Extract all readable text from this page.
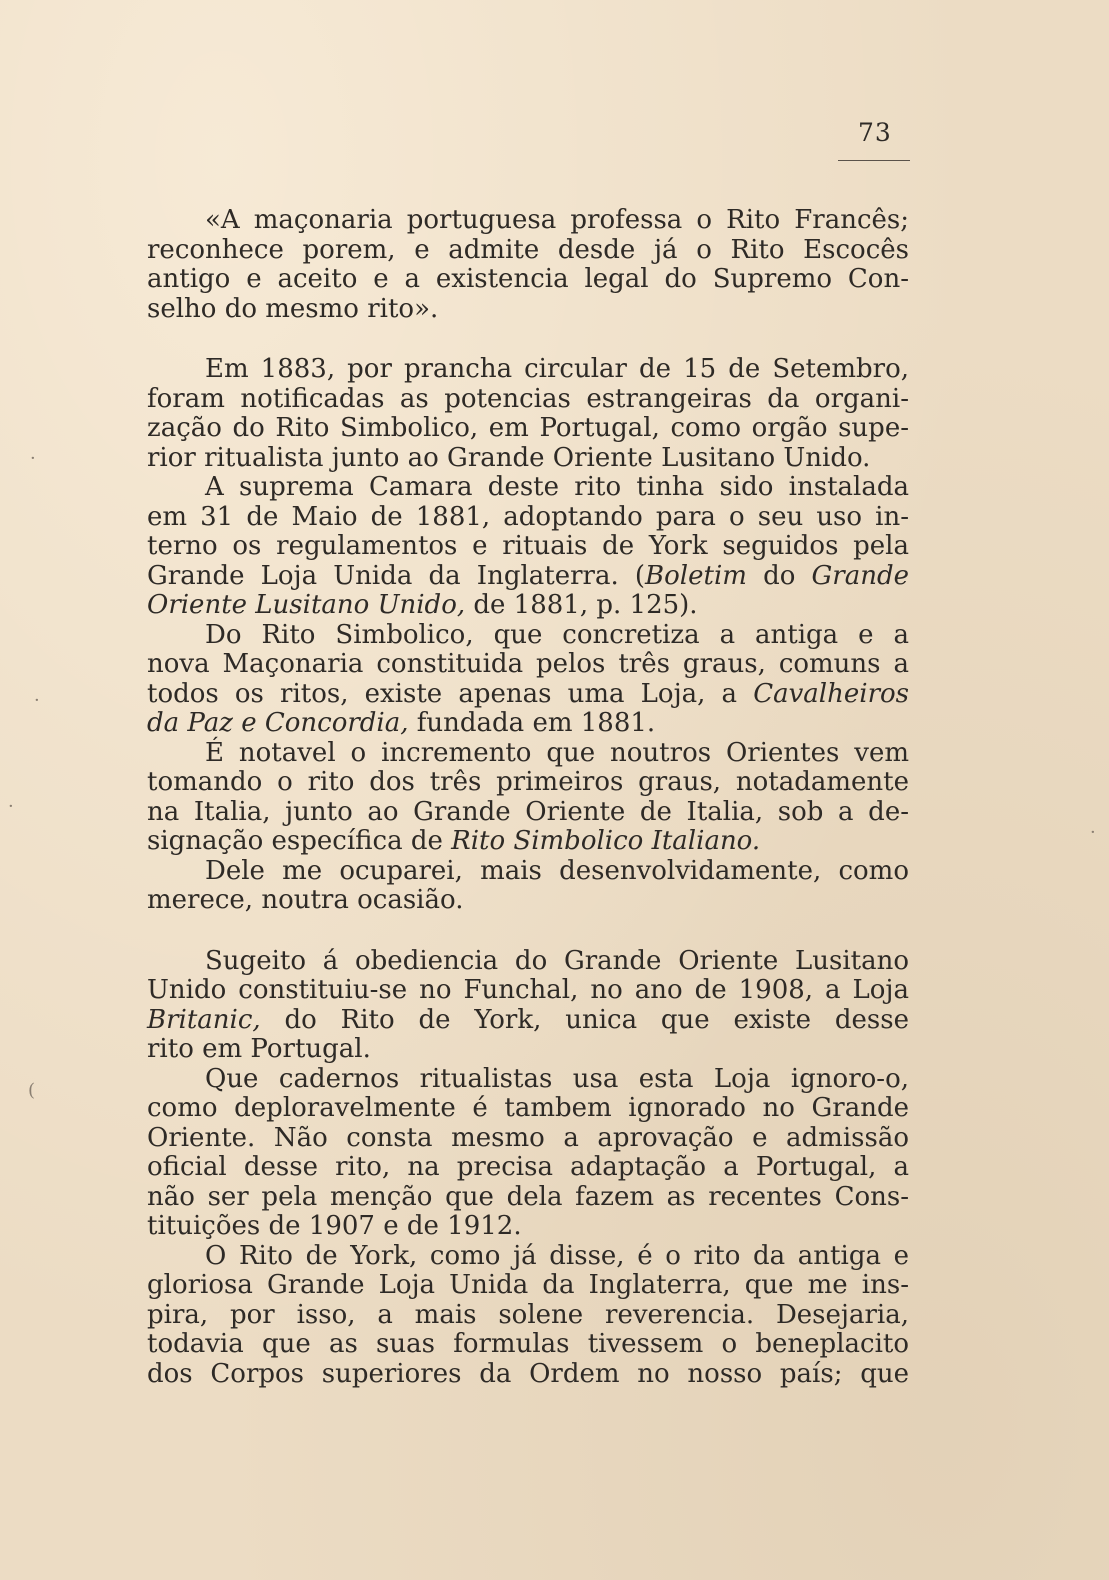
73
«A maçonaria portuguesa professa o Rito Francês;
reconhece porem, e admite desde já o Rito Escocês
antigo e aceito e a existencia legal do Supremo Con-
selho do mesmo rito».
Em 1883, por prancha circular de 15 de Setembro,
foram notificadas as potencias estrangeiras da organi-
zação do Rito Simbolico, em Portugal, como orgão supe-
rior ritualista junto ao Grande Oriente Lusitano Unido.
A suprema Camara deste rito tinha sido instalada
em 31 de Maio de 1881, adoptando para o seu uso in-
terno os regulamentos e rituais de York seguidos pela
Grande Loja Unida da Inglaterra. (Boletim do Grande
Oriente Lusitano Unido, de 1881, p. 125).
Do Rito Simbolico, que concretiza a antiga e a
nova Maçonaria constituida pelos três graus, comuns a
todos os ritos, existe apenas uma Loja, a Cavalheiros
da Paz e Concordia, fundada em 1881.
É notavel o incremento que noutros Orientes vem
tomando o rito dos três primeiros graus, notadamente
na Italia, junto ao Grande Oriente de Italia, sob a de-
signação específica de Rito Simbolico Italiano.
Dele me ocuparei, mais desenvolvidamente, como
merece, noutra ocasião.
Sugeito á obediencia do Grande Oriente Lusitano
Unido constituiu-se no Funchal, no ano de 1908, a Loja
Britanic, do Rito de York, unica que existe desse
rito em Portugal.
Que cadernos ritualistas usa esta Loja ignoro-o,
como deploravelmente é tambem ignorado no Grande
Oriente. Não consta mesmo a aprovação e admissão
oficial desse rito, na precisa adaptação a Portugal, a
não ser pela menção que dela fazem as recentes Cons-
tituições de 1907 e de 1912.
O Rito de York, como já disse, é o rito da antiga e
gloriosa Grande Loja Unida da Inglaterra, que me ins-
pira, por isso, a mais solene reverencia. Desejaria,
todavia que as suas formulas tivessem o beneplacito
dos Corpos superiores da Ordem no nosso país; que
·
·
·
·
(
